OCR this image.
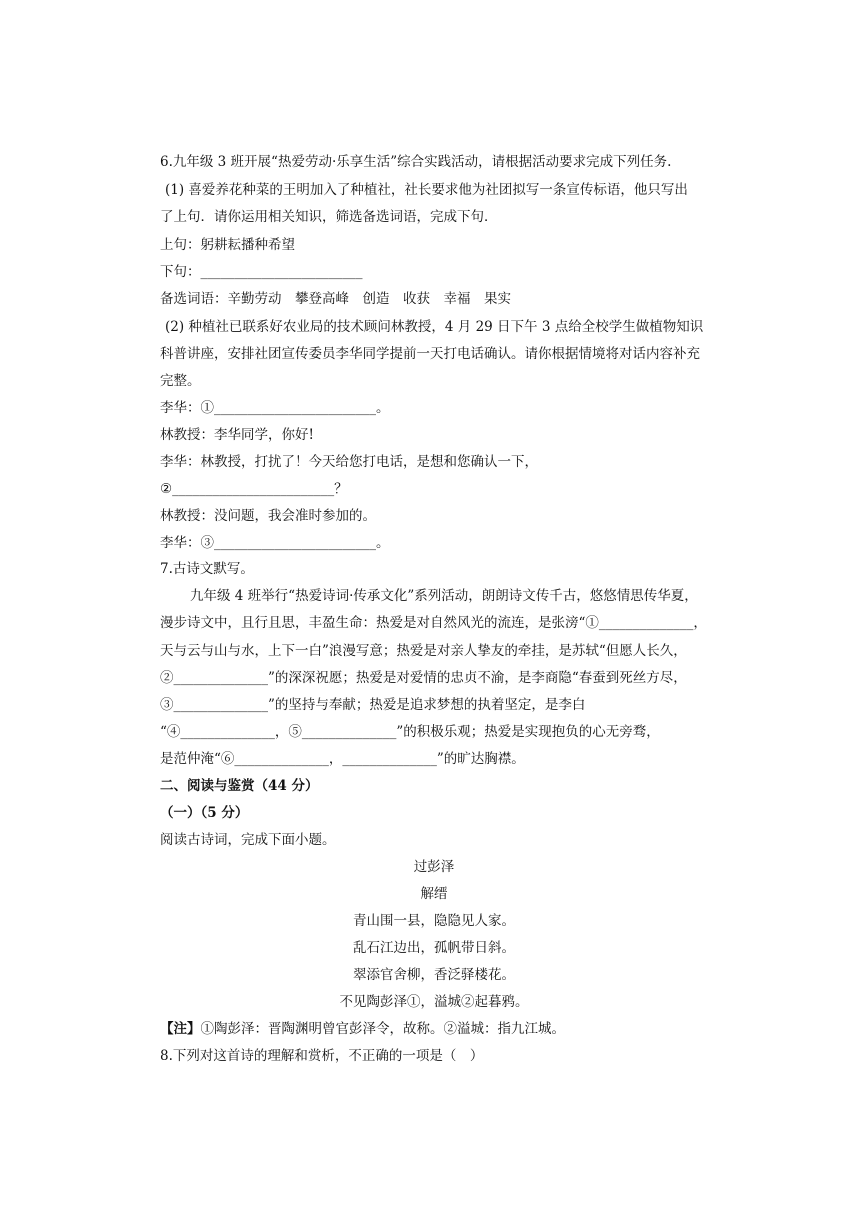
6.九年级 3 班开展“热爱劳动·乐享生活”综合实践活动，请根据活动要求完成下列任务.
(1) 喜爱养花种菜的王明加入了种植社，社长要求他为社团拟写一条宣传标语，他只写出
了上句．请你运用相关知识，筛选备选词语，完成下句．
上句：躬耕耘播种希望
下句：________________________
备选词语：辛勤劳动　攀登高峰　创造　收获　幸福　果实
(2) 种植社已联系好农业局的技术顾问林教授，4 月 29 日下午 3 点给全校学生做植物知识
科普讲座，安排社团宣传委员李华同学提前一天打电话确认。请你根据情境将对话内容补充
完整。
李华：①________________________。
林教授：李华同学，你好!
李华：林教授，打扰了！今天给您打电话，是想和您确认一下，
②________________________？
林教授：没问题，我会准时参加的。
李华：③________________________。
7.古诗文默写。
九年级 4 班举行“热爱诗词·传承文化”系列活动，朗朗诗文传千古，悠悠情思传华夏，
漫步诗文中，且行且思，丰盈生命：热爱是对自然风光的流连，是张滂“①______________，
天与云与山与水，上下一白”浪漫写意；热爱是对亲人挚友的牵挂，是苏轼“但愿人长久，
②______________”的深深祝愿；热爱是对爱情的忠贞不渝，是李商隐“春蚕到死丝方尽，
③______________”的坚持与奉献；热爱是追求梦想的执着坚定，是李白
“④______________，⑤______________”的积极乐观；热爱是实现抱负的心无旁骛，
是范仲淹“⑥______________，______________”的旷达胸襟。
二、阅读与鉴赏（44 分）
（一）（5 分）
阅读古诗词，完成下面小题。
过彭泽
解缙
青山围一县，隐隐见人家。
乱石江边出，孤帆带日斜。
翠添官舍柳，香泛驿楼花。
不见陶彭泽①，溢城②起暮鸦。
【注】①陶彭泽：晋陶渊明曾官彭泽令，故称。②溢城：指九江城。
8.下列对这首诗的理解和赏析，不正确的一项是（　）
